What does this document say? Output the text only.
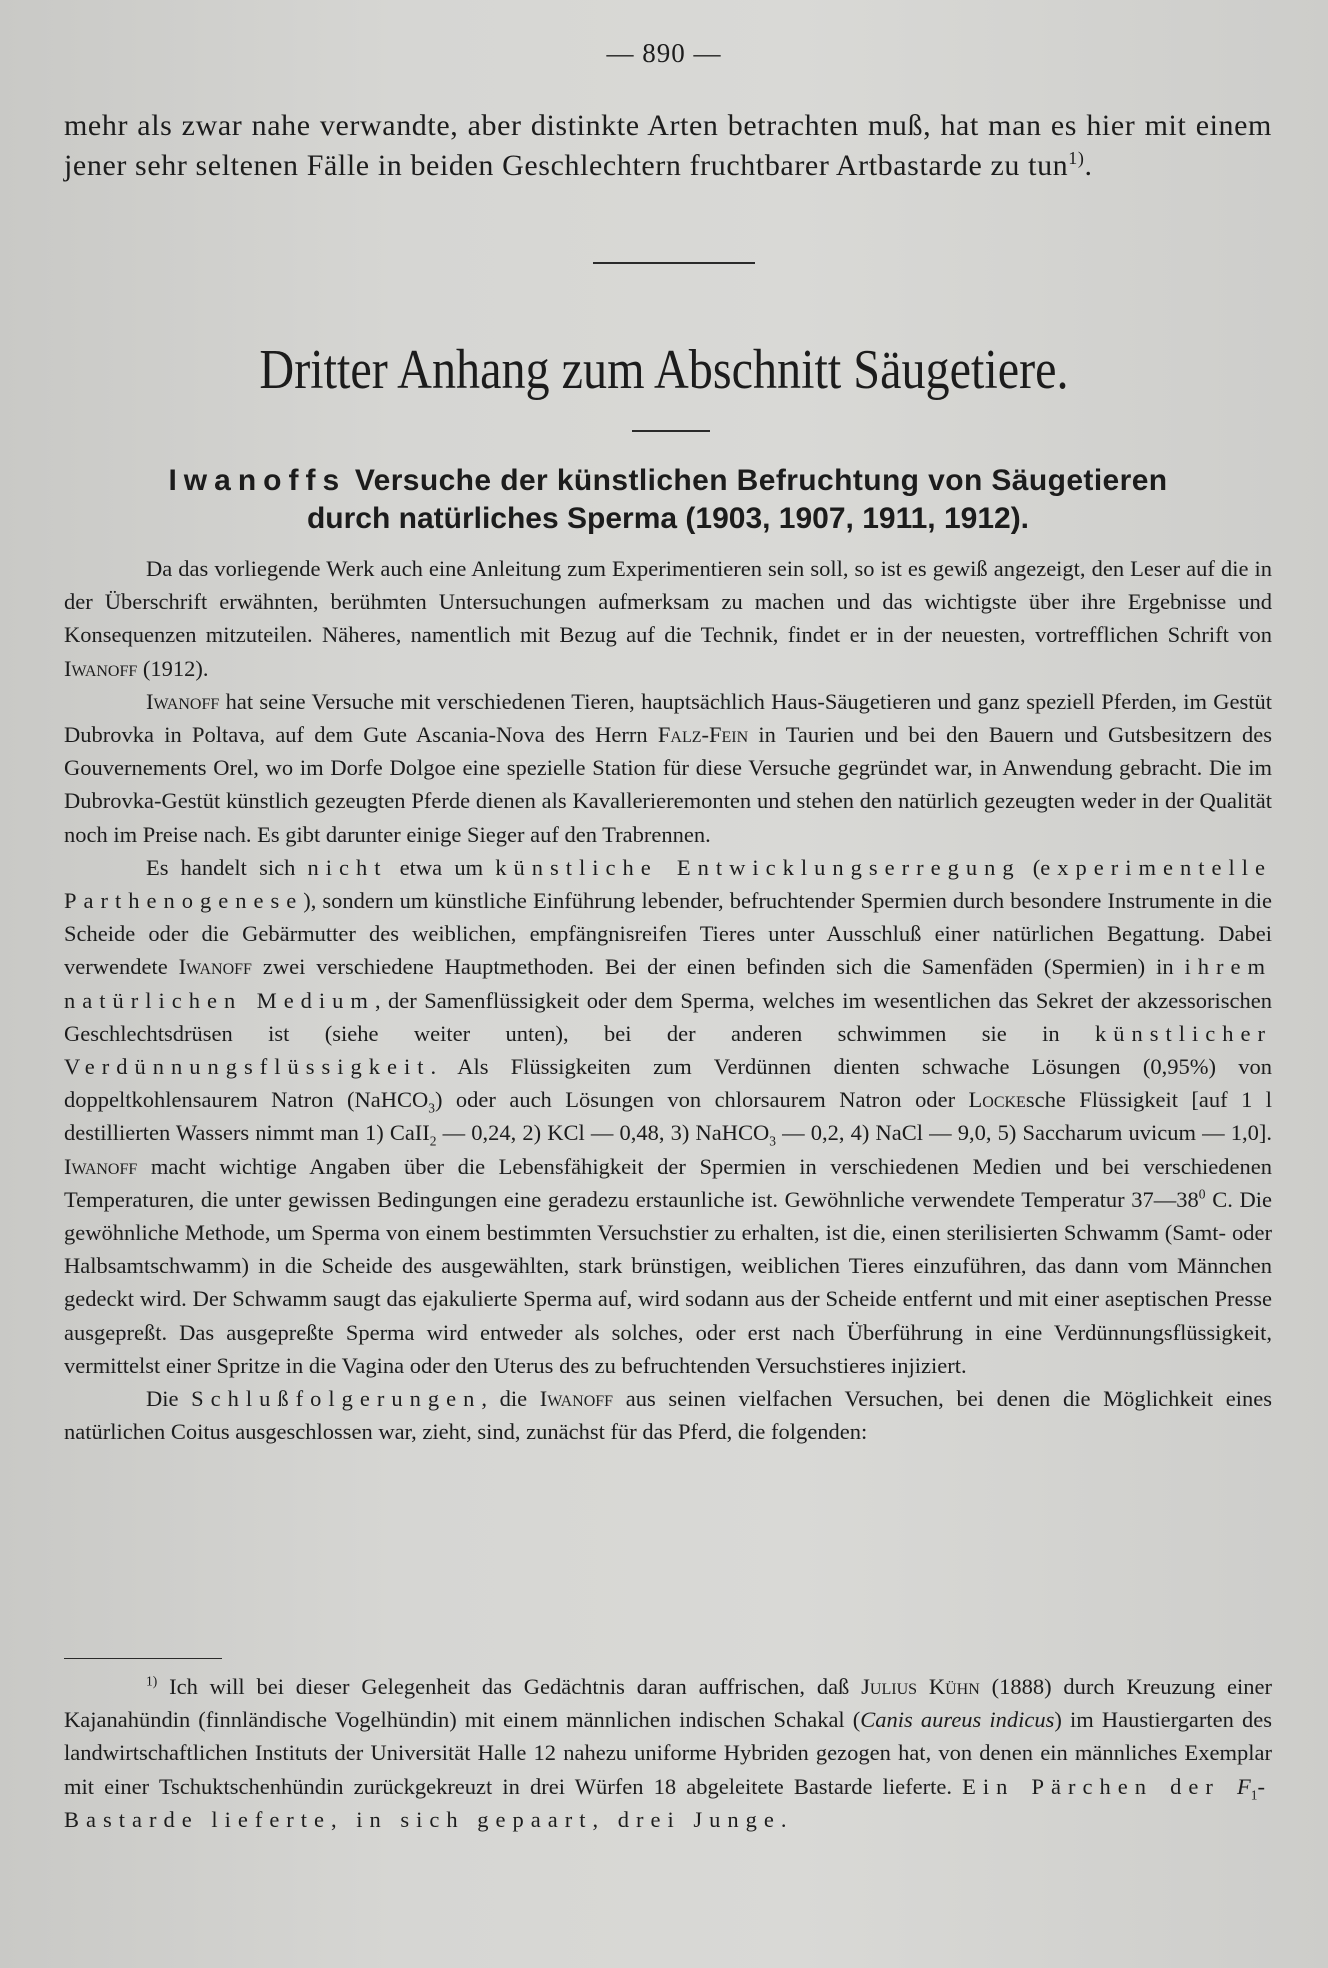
— 890 —
mehr als zwar nahe verwandte, aber distinkte Arten betrachten muß, hat man es hier mit einem jener sehr seltenen Fälle in beiden Geschlechtern fruchtbarer Artbastarde zu tun$^{1)}$.
Dritter Anhang zum Abschnitt Säugetiere.
Iwanoffs Versuche der künstlichen Befruchtung von Säugetieren
durch natürliches Sperma (1903, 1907, 1911, 1912).

Da das vorliegende Werk auch eine Anleitung zum Experimentieren sein soll, so ist es gewiß angezeigt, den Leser auf die in der Überschrift erwähnten, berühmten Untersuchungen aufmerksam zu machen und das wichtigste über ihre Ergebnisse und Konsequenzen mitzuteilen. Näheres, namentlich mit Bezug auf die Technik, findet er in der neuesten, vortrefflichen Schrift von Iwanoff (1912).

Iwanoff hat seine Versuche mit verschiedenen Tieren, hauptsächlich Haus-Säugetieren und ganz speziell Pferden, im Gestüt Dubrovka in Poltava, auf dem Gute Ascania-Nova des Herrn Falz-Fein in Taurien und bei den Bauern und Gutsbesitzern des Gouvernements Orel, wo im Dorfe Dolgoe eine spezielle Station für diese Versuche gegründet war, in Anwendung gebracht. Die im Dubrovka-Gestüt künstlich gezeugten Pferde dienen als Kavallerieremonten und stehen den natürlich gezeugten weder in der Qualität noch im Preise nach. Es gibt darunter einige Sieger auf den Trabrennen.

Es handelt sich nicht etwa um künstliche Entwicklungserregung (experimentelle Parthenogenese), sondern um künstliche Einführung lebender, befruchtender Spermien durch besondere Instrumente in die Scheide oder die Gebärmutter des weiblichen, empfängnisreifen Tieres unter Ausschluß einer natürlichen Begattung. Dabei verwendete Iwanoff zwei verschiedene Hauptmethoden. Bei der einen befinden sich die Samenfäden (Spermien) in ihrem natürlichen Medium, der Samenflüssigkeit oder dem Sperma, welches im wesentlichen das Sekret der akzessorischen Geschlechtsdrüsen ist (siehe weiter unten), bei der anderen schwimmen sie in künstlicher Verdünnungsflüssigkeit. Als Flüssigkeiten zum Verdünnen dienten schwache Lösungen (0,95%) von doppeltkohlensaurem Natron (NaHCO$_3$) oder auch Lösungen von chlorsaurem Natron oder Lockesche Flüssigkeit [auf 1 l destillierten Wassers nimmt man 1) CaII$_2$ — 0,24, 2) KCl — 0,48, 3) NaHCO$_3$ — 0,2, 4) NaCl — 9,0, 5) Saccharum uvicum — 1,0]. Iwanoff macht wichtige Angaben über die Lebensfähigkeit der Spermien in verschiedenen Medien und bei verschiedenen Temperaturen, die unter gewissen Bedingungen eine geradezu erstaunliche ist. Gewöhnliche verwendete Temperatur $37—38^0$ C. Die gewöhnliche Methode, um Sperma von einem bestimmten Versuchstier zu erhalten, ist die, einen sterilisierten Schwamm (Samt- oder Halbsamtschwamm) in die Scheide des ausgewählten, stark brünstigen, weiblichen Tieres einzuführen, das dann vom Männchen gedeckt wird. Der Schwamm saugt das ejakulierte Sperma auf, wird sodann aus der Scheide entfernt und mit einer aseptischen Presse ausgepreßt. Das ausgepreßte Sperma wird entweder als solches, oder erst nach Überführung in eine Verdünnungsflüssigkeit, vermittelst einer Spritze in die Vagina oder den Uterus des zu befruchtenden Versuchstieres injiziert.

Die Schlußfolgerungen, die Iwanoff aus seinen vielfachen Versuchen, bei denen die Möglichkeit eines natürlichen Coitus ausgeschlossen war, zieht, sind, zunächst für das Pferd, die folgenden:

$^{1)}$ Ich will bei dieser Gelegenheit das Gedächtnis daran auffrischen, daß Julius Kühn (1888) durch Kreuzung einer Kajanahündin (finnländische Vogelhündin) mit einem männlichen indischen Schakal (Canis aureus indicus) im Haustiergarten des landwirtschaftlichen Instituts der Universität Halle 12 nahezu uniforme Hybriden gezogen hat, von denen ein männliches Exemplar mit einer Tschuktschenhündin zurückgekreuzt in drei Würfen 18 abgeleitete Bastarde lieferte. Ein Pärchen der $F_1$-Bastarde lieferte, in sich gepaart, drei Junge.
